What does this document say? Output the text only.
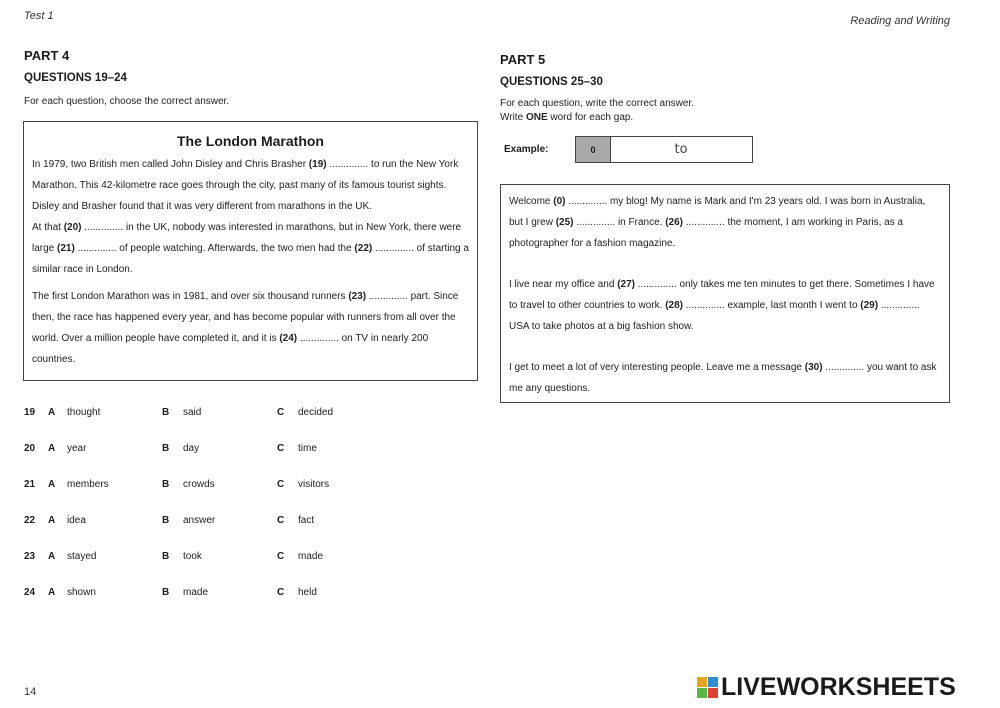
Test 1	Reading and Writing
PART 4
QUESTIONS 19–24
For each question, choose the correct answer.
The London Marathon

In 1979, two British men called John Disley and Chris Brasher (19) .............. to run the New York Marathon. This 42-kilometre race goes through the city, past many of its famous tourist sights. Disley and Brasher found that it was very different from marathons in the UK.
At that (20) .............. in the UK, nobody was interested in marathons, but in New York, there were large (21) .............. of people watching. Afterwards, the two men had the (22) .............. of starting a similar race in London.

The first London Marathon was in 1981, and over six thousand runners (23) .............. part. Since then, the race has happened every year, and has become popular with runners from all over the world. Over a million people have completed it, and it is (24) .............. on TV in nearly 200 countries.

19 A thought	B said	C decided
20 A year	B day	C time
21 A members	B crowds	C visitors
22 A idea	B answer	C fact
23 A stayed	B took	C made
24 A shown	B made	C held
PART 5
QUESTIONS 25–30
For each question, write the correct answer.
Write ONE word for each gap.
Example:	0	to

Welcome (0) .............. my blog! My name is Mark and I'm 23 years old. I was born in Australia, but I grew (25) .............. in France. (26) .............. the moment, I am working in Paris, as a photographer for a fashion magazine.

I live near my office and (27) .............. only takes me ten minutes to get there. Sometimes I have to travel to other countries to work. (28) .............. example, last month I went to (29) .............. USA to take photos at a big fashion show.

I get to meet a lot of very interesting people. Leave me a message (30) .............. you want to ask me any questions.

14	LIVEWORKSHEETS
